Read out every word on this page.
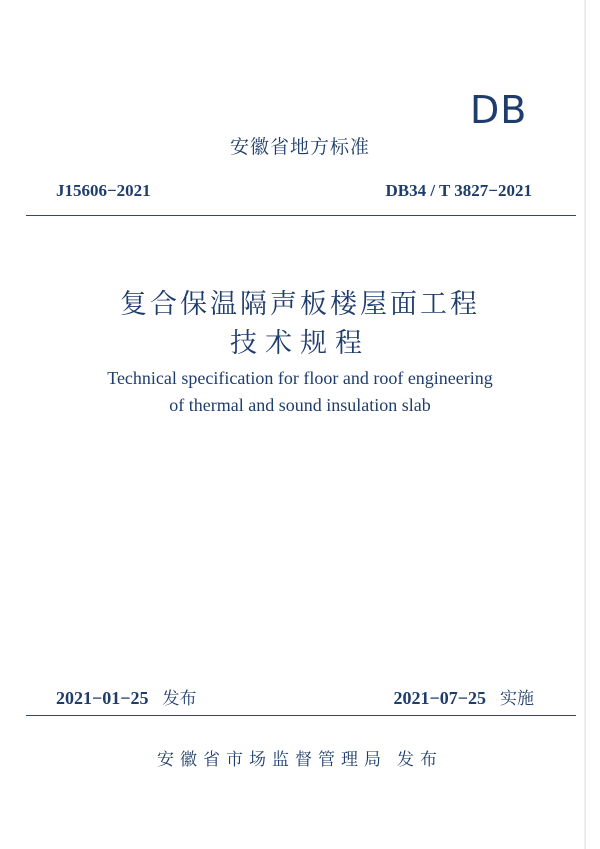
DB
安徽省地方标准
J15606−2021	DB34 / T 3827−2021
复合保温隔声板楼屋面工程
技术规程
Technical specification for floor and roof engineering
of thermal and sound insulation slab
2021−01−25 发布	2021−07−25 实施
安徽省市场监督管理局 发布
